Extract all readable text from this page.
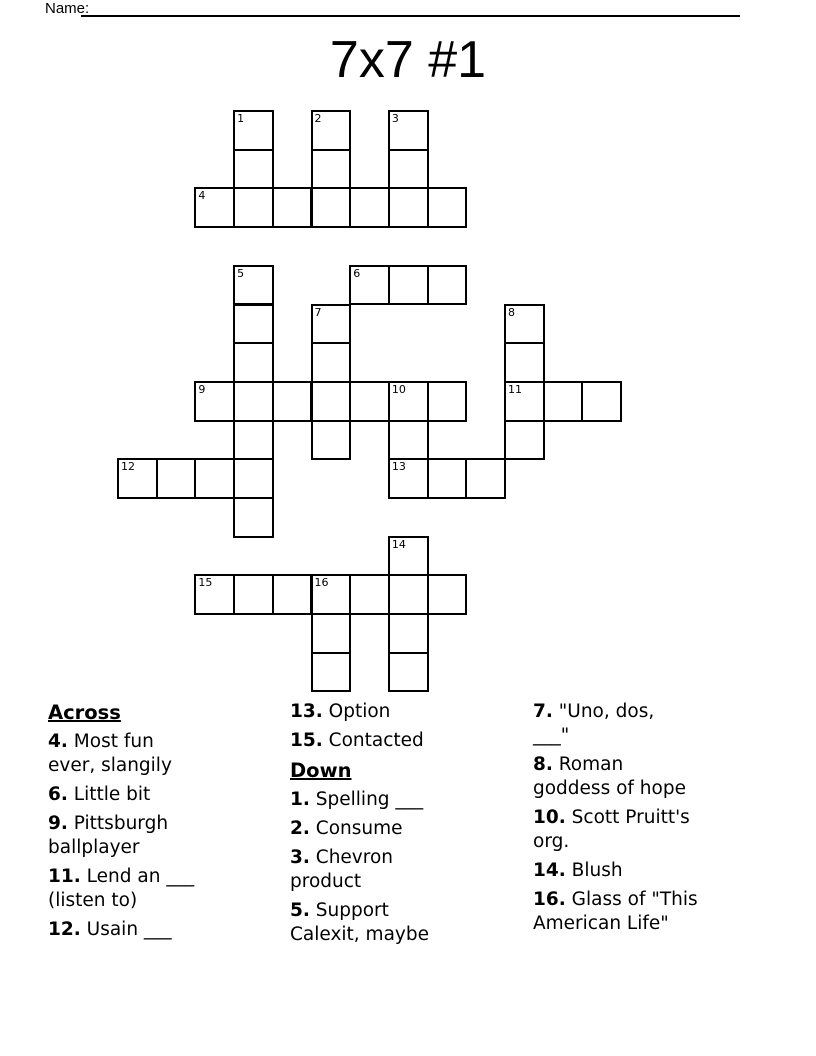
Name:
7x7 #1
1	2	3
4
5	6
7	8
9	10	11
12	13
14
15	16
Across
4. Most fun
ever, slangily
6. Little bit
9. Pittsburgh
ballplayer
11. Lend an ___
(listen to)
12. Usain ___
13. Option
15. Contacted
Down
1. Spelling ___
2. Consume
3. Chevron
product
5. Support
Calexit, maybe
7. "Uno, dos,
___"
8. Roman
goddess of hope
10. Scott Pruitt's
org.
14. Blush
16. Glass of "This
American Life"
